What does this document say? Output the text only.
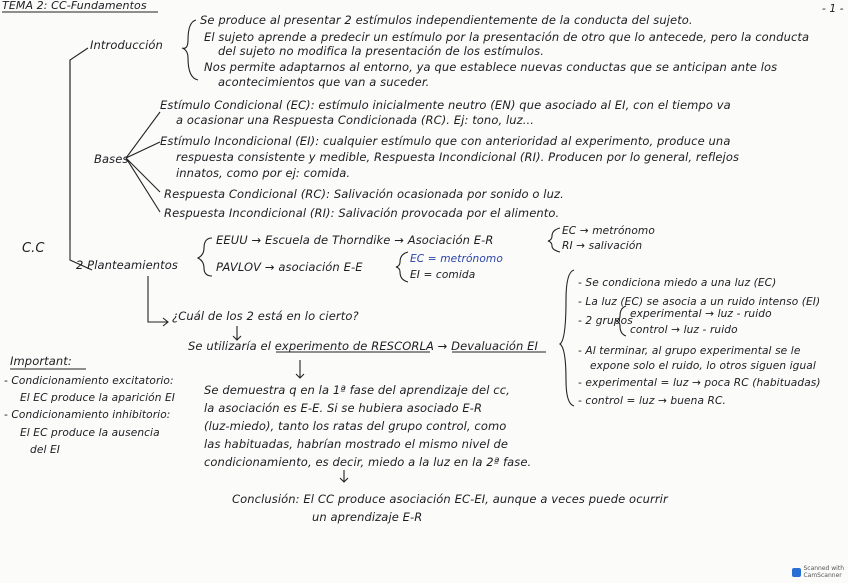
TEMA 2: CC-Fundamentos	- 1 -
C.C
Introducción
Se produce al presentar 2 estímulos independientemente de la conducta del sujeto.
El sujeto aprende a predecir un estímulo por la presentación de otro que lo antecede, pero la conducta
del sujeto no modifica la presentación de los estímulos.
Nos permite adaptarnos al entorno, ya que establece nuevas conductas que se anticipan ante los
acontecimientos que van a suceder.
Bases
Estímulo Condicional (EC): estímulo inicialmente neutro (EN) que asociado al EI, con el tiempo va
a ocasionar una Respuesta Condicionada (RC). Ej: tono, luz...
Estímulo Incondicional (EI): cualquier estímulo que con anterioridad al experimento, produce una
respuesta consistente y medible, Respuesta Incondicional (RI). Producen por lo general, reflejos
innatos, como por ej: comida.
Respuesta Condicional (RC): Salivación ocasionada por sonido o luz.
Respuesta Incondicional (RI): Salivación provocada por el alimento.
2 Planteamientos
EEUU → Escuela de Thorndike → Asociación E-R
EC → metrónomo
RI → salivación
PAVLOV → asociación E-E
EC = metrónomo
EI = comida
¿Cuál de los 2 está en lo cierto?
Se utilizaría el experimento de RESCORLA → Devaluación EI
Se demuestra q en la 1ª fase del aprendizaje del cc,
la asociación es E-E. Si se hubiera asociado E-R
(luz-miedo), tanto los ratas del grupo control, como
las habituadas, habrían mostrado el mismo nivel de
condicionamiento, es decir, miedo a la luz en la 2ª fase.
Conclusión: El CC produce asociación EC-EI, aunque a veces puede ocurrir
un aprendizaje E-R
Important:
- Condicionamiento excitatorio:
El EC produce la aparición EI
- Condicionamiento inhibitorio:
El EC produce la ausencia
del EI
- Se condiciona miedo a una luz (EC)
- La luz (EC) se asocia a un ruido intenso (EI)
- 2 grupos
experimental → luz - ruido
control → luz - ruido
- Al terminar, al grupo experimental se le
expone solo el ruido, lo otros siguen igual
- experimental = luz → poca RC (habituadas)
- control = luz → buena RC.
Scanned with
CamScanner
